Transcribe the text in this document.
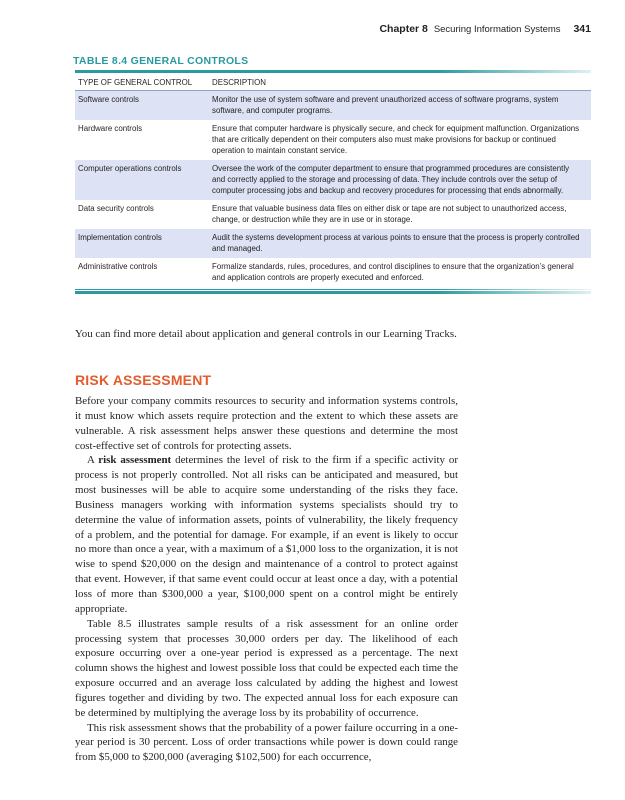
Chapter 8 Securing Information Systems 341
TABLE 8.4 GENERAL CONTROLS
TYPE OF GENERAL CONTROL	DESCRIPTION
Software controls	Monitor the use of system software and prevent unauthorized access of software programs, system software, and computer programs.
Hardware controls	Ensure that computer hardware is physically secure, and check for equipment malfunction. Organizations that are critically dependent on their computers also must make provisions for backup or continued operation to maintain constant service.
Computer operations controls	Oversee the work of the computer department to ensure that programmed procedures are consistently and correctly applied to the storage and processing of data. They include controls over the setup of computer processing jobs and backup and recovery procedures for processing that ends abnormally.
Data security controls	Ensure that valuable business data files on either disk or tape are not subject to unauthorized access, change, or destruction while they are in use or in storage.
Implementation controls	Audit the systems development process at various points to ensure that the process is properly controlled and managed.
Administrative controls	Formalize standards, rules, procedures, and control disciplines to ensure that the organization’s general and application controls are properly executed and enforced.

You can find more detail about application and general controls in our Learning Tracks.

RISK ASSESSMENT

Before your company commits resources to security and information systems controls, it must know which assets require protection and the extent to which these assets are vulnerable. A risk assessment helps answer these questions and determine the most cost-effective set of controls for protecting assets.

A risk assessment determines the level of risk to the firm if a specific activity or process is not properly controlled. Not all risks can be anticipated and measured, but most businesses will be able to acquire some understanding of the risks they face. Business managers working with information systems specialists should try to determine the value of information assets, points of vulnerability, the likely frequency of a problem, and the potential for damage. For example, if an event is likely to occur no more than once a year, with a maximum of a $1,000 loss to the organization, it is not wise to spend $20,000 on the design and maintenance of a control to protect against that event. However, if that same event could occur at least once a day, with a potential loss of more than $300,000 a year, $100,000 spent on a control might be entirely appropriate.

Table 8.5 illustrates sample results of a risk assessment for an online order processing system that processes 30,000 orders per day. The likelihood of each exposure occurring over a one-year period is expressed as a percentage. The next column shows the highest and lowest possible loss that could be expected each time the exposure occurred and an average loss calculated by adding the highest and lowest figures together and dividing by two. The expected annual loss for each exposure can be determined by multiplying the average loss by its probability of occurrence.

This risk assessment shows that the probability of a power failure occurring in a one-year period is 30 percent. Loss of order transactions while power is down could range from $5,000 to $200,000 (averaging $102,500) for each occurrence,
